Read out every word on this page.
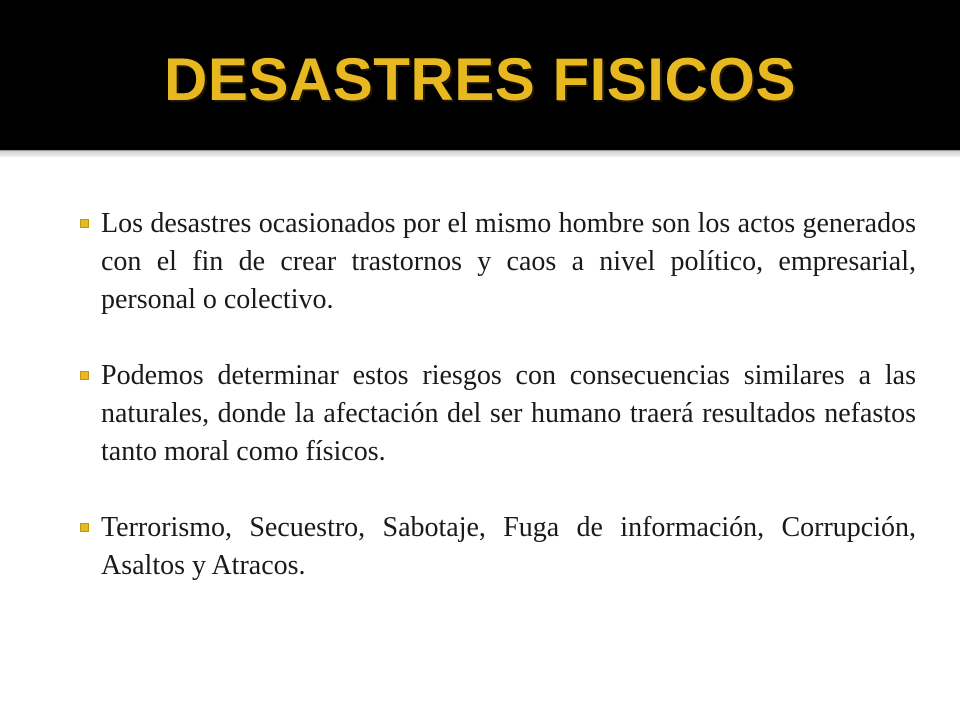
DESASTRES FISICOS

Los desastres ocasionados por el mismo hombre son los actos generados con el fin de crear trastornos y caos a nivel político, empresarial, personal o colectivo.

Podemos determinar estos riesgos con consecuencias similares a las naturales, donde la afectación del ser humano traerá resultados nefastos tanto moral como físicos.

Terrorismo, Secuestro, Sabotaje, Fuga de información, Corrupción, Asaltos y Atracos.
